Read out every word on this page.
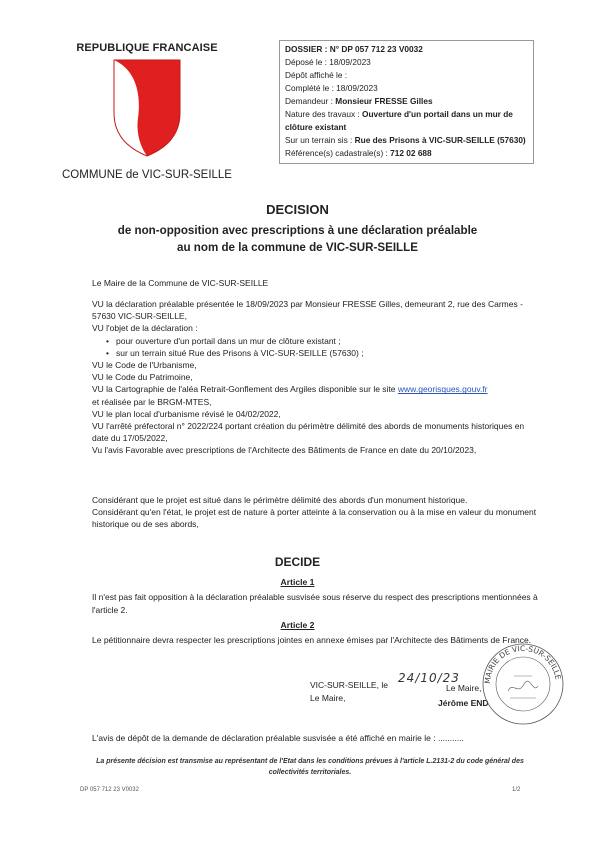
REPUBLIQUE FRANCAISE
COMMUNE de VIC-SUR-SEILLE
DOSSIER : N° DP 057 712 23 V0032
Déposé le : 18/09/2023
Dépôt affiché le :
Complété le : 18/09/2023
Demandeur : Monsieur FRESSE Gilles
Nature des travaux : Ouverture d'un portail dans un mur de clôture existant
Sur un terrain sis : Rue des Prisons à VIC-SUR-SEILLE (57630)
Référence(s) cadastrale(s) : 712 02 688
DECISION
de non-opposition avec prescriptions à une déclaration préalable
au nom de la commune de VIC-SUR-SEILLE
Le Maire de la Commune de VIC-SUR-SEILLE

VU la déclaration préalable présentée le 18/09/2023 par Monsieur FRESSE Gilles, demeurant 2, rue des Carmes - 57630 VIC-SUR-SEILLE,

VU l'objet de la déclaration :

• pour ouverture d'un portail dans un mur de clôture existant ;
• sur un terrain situé Rue des Prisons à VIC-SUR-SEILLE (57630) ;

VU le Code de l'Urbanisme,

VU le Code du Patrimoine,

VU la Cartographie de l'aléa Retrait-Gonflement des Argiles disponible sur le site www.georisques.gouv.fr

et réalisée par le BRGM-MTES,

VU le plan local d'urbanisme révisé le 04/02/2022,

VU l'arrêté préfectoral n° 2022/224 portant création du périmètre délimité des abords de monuments historiques en date du 17/05/2022,

Vu l'avis Favorable avec prescriptions de l'Architecte des Bâtiments de France en date du 20/10/2023,

Considérant que le projet est situé dans le périmètre délimité des abords d'un monument historique.

Considérant qu'en l'état, le projet est de nature à porter atteinte à la conservation ou à la mise en valeur du monument historique ou de ses abords,

DECIDE
Article 1
Il n'est pas fait opposition à la déclaration préalable susvisée sous réserve du respect des prescriptions mentionnées à l'article 2.
Article 2
Le pétitionnaire devra respecter les prescriptions jointes en annexe émises par l'Architecte des Bâtiments de France.
VIC-SUR-SEILLE, le 24/10/23
Le Maire,
Le Maire,
Jérôme END
MAIRIE DE VIC-SUR-SEILLE
L'avis de dépôt de la demande de déclaration préalable susvisée a été affiché en mairie le : ...........
La présente décision est transmise au représentant de l'Etat dans les conditions prévues à l'article L.2131-2 du code général des collectivités territoriales.
DP 057 712 23 V0032	1/2
